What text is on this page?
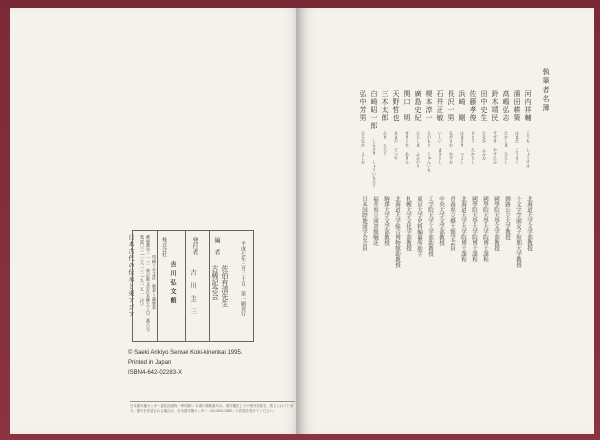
日本古代の伝承と東アジア	平成七年三月二十日　第一刷発行
編　者
佐伯有清先生
古稀記念会
発行者
吉　川　圭　三
株式会社
吉川弘文館
郵便番号一一三　東京都文京区本郷七丁目二番八号
電話〇三―三八一三―九一五一〈代〉 印刷＝平文社　製本＝誠製本
© Saeki Arikiyo Sensei Koki-kinenkai 1995.
Printed in Japan
ISBN4-642-02283-X
日本複写権センター委託出版物・特別扱い 本書の無断複写は、著作権法上での例外を除き、禁じられています。複写を希望される場合は、日本複写権センター（03-3401-2382）の許諾を受けてください。
執筆者名簿
河内祥輔 こうち しょうすけ
北海道大学文学部教授
濱田耕策 はまだ こうさく
十文字学園女子短期大学教授
高嶋弘志 たかしま ひろし
釧路公立大学教授
鈴木靖民 すずき やすたみ
國學院大學文学部教授
田中史生 たなか ふみお
國學院大學大学院博士課程
佐藤孝俊 さとう たかとし
國學院大學大学院博士課程
浜崎　剛 はまさき つよし
北海道大学大学院博士課程
長沢一男 ながさわ かずお
青森県立郷土館学芸員
石井正敏 いしい まさとし
中央大学文学部教授
榎本淳一 えのもと じゅんいち
工学院大学工学部助教授
廣島史紀 ひろしま ふみのり
東京大学史料編纂所助手
関口　明 せきぐち あきら
札幌大学文化学部教授
天野哲也 あまの てつや
北海道大学総合博物館助教授
三木太郎 みき たろう
駒澤大学文学部教授
白崎昭一郎 しらさき しょういちろう
福井県立図書館嘱託
弘中芳男 ひろなか よしお
日本国際地図学会会員
